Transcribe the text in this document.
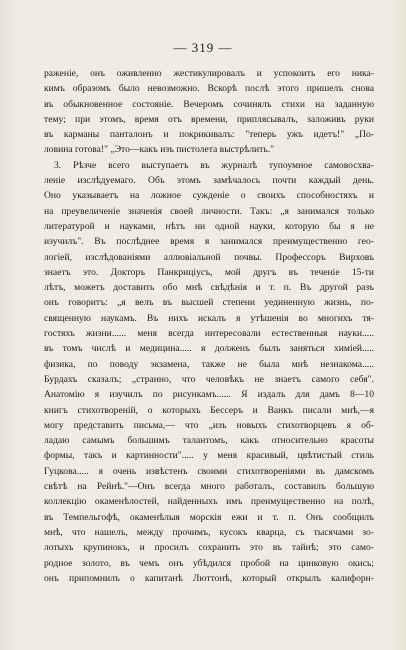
— 319 —
раженіе, онъ оживленно жестикулировалъ и успокоить его ника-
кимъ образомъ было невозможно. Вскорѣ послѣ этого пришелъ снова
въ обыкновенное состояніе. Вечеромъ сочинялъ стихи на заданную
тему; при этомъ, время отъ времени, приплясывалъ, заложивъ руки
въ карманы панталонъ и покрикивалъ: "теперь ужъ идетъ!" „По-
ловина готова!" „Это—какъ изъ пистолета выстрѣлить."
3. Рѣзче всего выступаетъ въ журналѣ тупоумное самовосхва-
леніе изслѣдуемаго. Объ этомъ замѣчалось почти каждый день.
Оно указываетъ на ложное сужденіе о своихъ способностяхъ и
на преувеличеніе значенія своей личности. Такъ: „я занимался только
литературой и науками, нѣтъ ни одной науки, которую бы я не
изучилъ". Въ послѣднее время я занимался преимущественно гео-
логіей, изслѣдованіями аллювіальной почвы. Профессоръ Вирховъ
знаетъ это. Докторъ Панкриціусъ, мой другъ въ теченіе 15-ти
лѣтъ, можетъ доставить обо мнѣ свѣдѣнія и т. п. Въ другой разъ
онъ говоритъ: „я велъ въ высшей степени уединенную жизнь, по-
священную наукамъ. Въ нихъ искалъ я утѣшенія во многихъ тя-
гостяхъ жизни...... меня всегда интересовали естественныя науки.....
въ томъ числѣ и медицина..... я долженъ былъ заняться химіей.....
физика, по поводу экзамена, также не была мнѣ незнакома.....
Бурдахъ сказалъ; „странно, что человѣкъ не знаетъ самого себя".
Анатомію я изучилъ по рисункамъ...... Я издалъ для дамъ 8—10
книгъ стихотвореній, о которыхъ Бессеръ и Ванкъ писали мнѣ,—я
могу представить письма,— что „изъ новыхъ стихотворцевъ я об-
ладаю самымъ большимъ талантомъ, какъ относительно красоты
формы, такъ и картинности"..... у меня красивый, цвѣтистый стиль
Гуцкова..... я очень извѣстенъ своими стихотвореніями въ дамскомъ
свѣтѣ на Рейнѣ."—Онъ всегда много работалъ, составилъ большую
коллекцію окаменѣлостей, найденныхъ имъ преимущественно на полѣ,
въ Темпельгофѣ, окаменѣлыя морскія ежи и т. п. Онъ сообщилъ
мнѣ, что нашелъ, между прочимъ, кусокъ кварца, съ тысячами зо-
лотыхъ крупинокъ, и просилъ сохранить это въ тайнѣ; это само-
родное золото, въ чемъ онъ убѣдился пробой на цинковую окись;
онъ припомнилъ о капитанѣ Люттонѣ, который открылъ калифорн-
